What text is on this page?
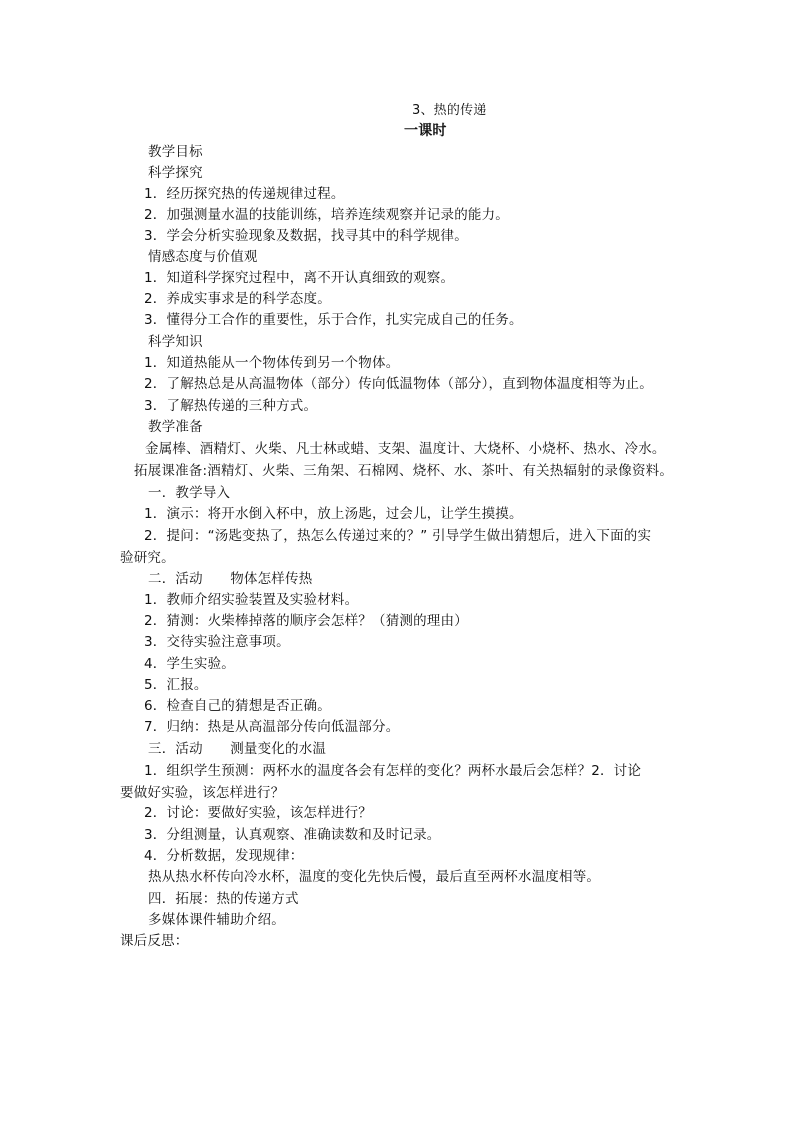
3、热的传递
一课时
教学目标
科学探究
1．经历探究热的传递规律过程。
2．加强测量水温的技能训练，培养连续观察并记录的能力。
3．学会分析实验现象及数据，找寻其中的科学规律。
情感态度与价值观
1．知道科学探究过程中，离不开认真细致的观察。
2．养成实事求是的科学态度。
3．懂得分工合作的重要性，乐于合作，扎实完成自己的任务。
科学知识
1．知道热能从一个物体传到另一个物体。
2．了解热总是从高温物体（部分）传向低温物体（部分），直到物体温度相等为止。
3．了解热传递的三种方式。
教学准备
金属棒、酒精灯、火柴、凡士林或蜡、支架、温度计、大烧杯、小烧杯、热水、冷水。
拓展课准备:酒精灯、火柴、三角架、石棉网、烧杯、水、茶叶、有关热辐射的录像资料。
一．教学导入
1．演示：将开水倒入杯中，放上汤匙，过会儿，让学生摸摸。
2．提问：“汤匙变热了，热怎么传递过来的？” 引导学生做出猜想后，进入下面的实验研究。
二．活动　　物体怎样传热
1．教师介绍实验装置及实验材料。
2．猜测：火柴棒掉落的顺序会怎样？（猜测的理由）
3．交待实验注意事项。
4．学生实验。
5．汇报。
6．检查自己的猜想是否正确。
7．归纳：热是从高温部分传向低温部分。
三．活动　　测量变化的水温
1．组织学生预测：两杯水的温度各会有怎样的变化？两杯水最后会怎样？2．讨论要做好实验，该怎样进行？
2．讨论：要做好实验，该怎样进行？
3．分组测量，认真观察、准确读数和及时记录。
4．分析数据，发现规律：
热从热水杯传向冷水杯，温度的变化先快后慢，最后直至两杯水温度相等。
四．拓展：热的传递方式
多媒体课件辅助介绍。
课后反思：
